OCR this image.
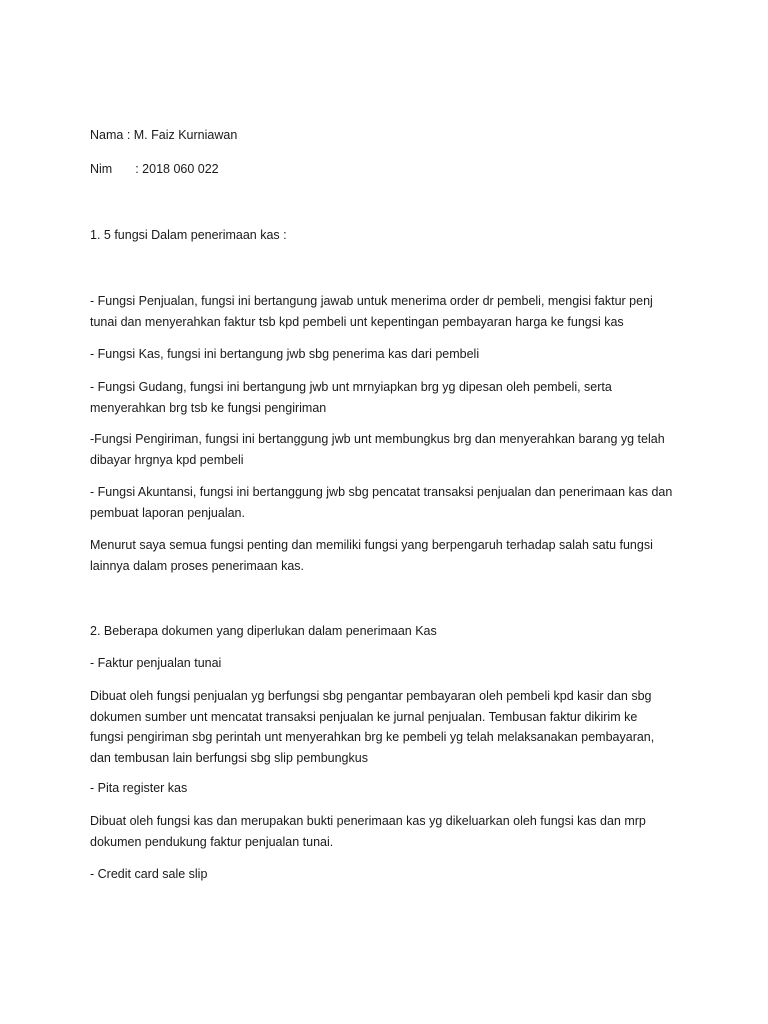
Nama : M. Faiz Kurniawan
Nim : 2018 060 022
1. 5 fungsi Dalam penerimaan kas :
- Fungsi Penjualan, fungsi ini bertangung jawab untuk menerima order dr pembeli, mengisi faktur penj
tunai dan menyerahkan faktur tsb kpd pembeli unt kepentingan pembayaran harga ke fungsi kas
- Fungsi Kas, fungsi ini bertangung jwb sbg penerima kas dari pembeli
- Fungsi Gudang, fungsi ini bertangung jwb unt mrnyiapkan brg yg dipesan oleh pembeli, serta
menyerahkan brg tsb ke fungsi pengiriman
-Fungsi Pengiriman, fungsi ini bertanggung jwb unt membungkus brg dan menyerahkan barang yg telah
dibayar hrgnya kpd pembeli
- Fungsi Akuntansi, fungsi ini bertanggung jwb sbg pencatat transaksi penjualan dan penerimaan kas dan
pembuat laporan penjualan.
Menurut saya semua fungsi penting dan memiliki fungsi yang berpengaruh terhadap salah satu fungsi
lainnya dalam proses penerimaan kas.
2. Beberapa dokumen yang diperlukan dalam penerimaan Kas
- Faktur penjualan tunai
Dibuat oleh fungsi penjualan yg berfungsi sbg pengantar pembayaran oleh pembeli kpd kasir dan sbg
dokumen sumber unt mencatat transaksi penjualan ke jurnal penjualan. Tembusan faktur dikirim ke
fungsi pengiriman sbg perintah unt menyerahkan brg ke pembeli yg telah melaksanakan pembayaran,
dan tembusan lain berfungsi sbg slip pembungkus
- Pita register kas
Dibuat oleh fungsi kas dan merupakan bukti penerimaan kas yg dikeluarkan oleh fungsi kas dan mrp
dokumen pendukung faktur penjualan tunai.
- Credit card sale slip
